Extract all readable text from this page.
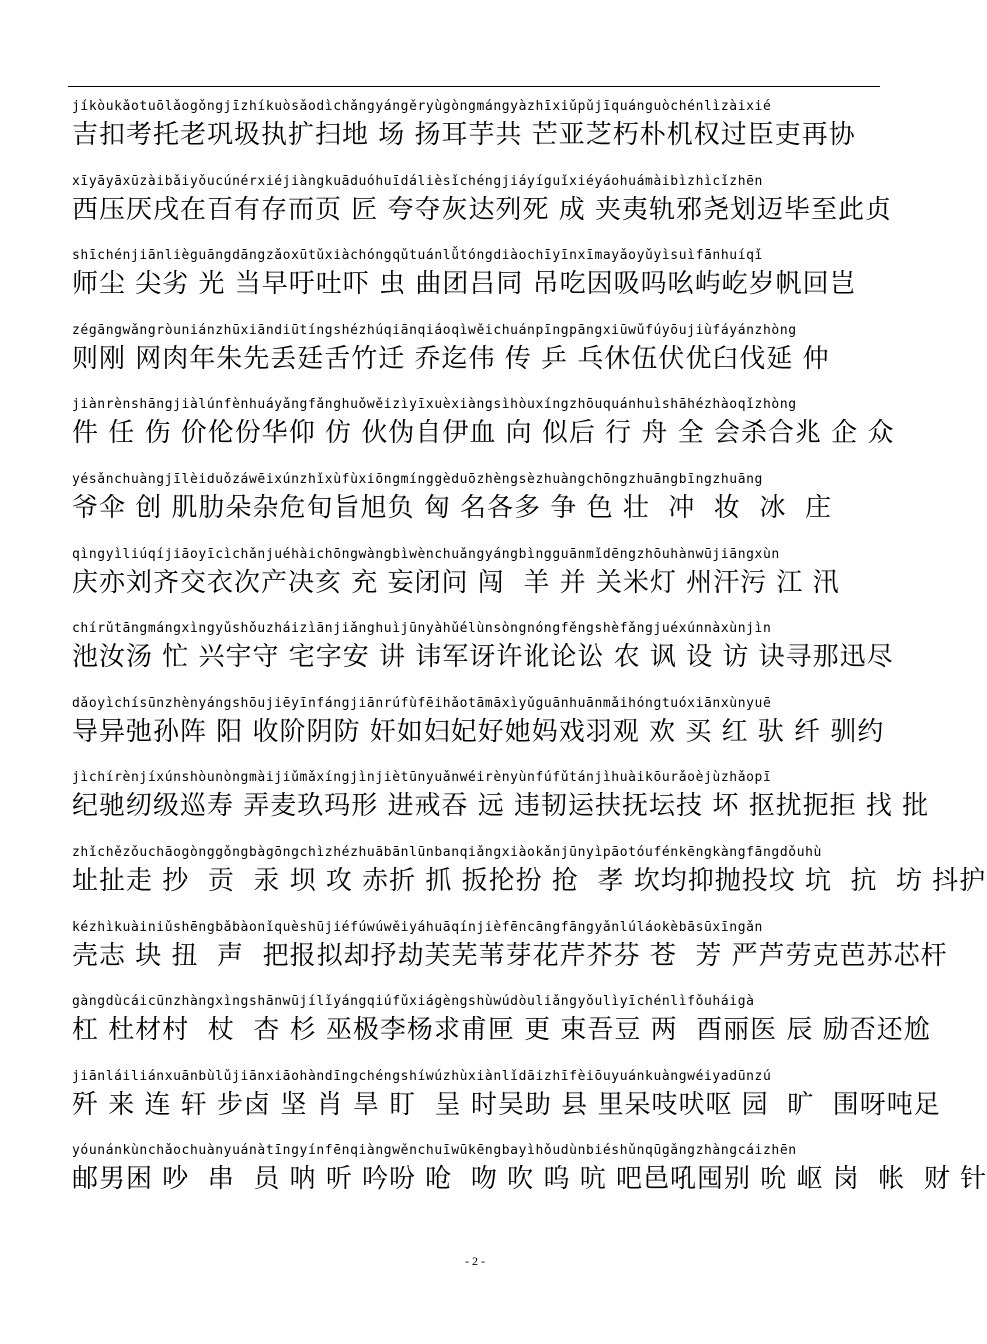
jíkòukǎotuōlǎogǒngjīzhíkuòsǎodìchǎngyángěryùgòngmángyàzhīxiǔpǔjīquánguòchénlìzàixié
吉扣考托老巩圾执扩扫地 场 扬耳芋共 芒亚芝朽朴机权过臣吏再协
xīyāyāxūzàibǎiyǒucúnérxiéjiàngkuāduóhuīdálièsǐchéngjiáyíguǐxiéyáohuámàibìzhìcǐzhēn
西压厌戌在百有存而页 匠 夸夺灰达列死 成 夹夷轨邪尧划迈毕至此贞
shīchénjiānlièguāngdāngzǎoxūtǔxiàchóngqǔtuánlǚtóngdiàochīyīnxīmayǎoyǔyìsuìfānhuíqǐ
师尘 尖劣 光 当早吁吐吓 虫 曲团吕同 吊吃因吸吗吆屿屹岁帆回岂
zégāngwǎngròuniánzhūxiāndiūtíngshézhúqiānqiáoqìwěichuánpīngpāngxiūwǔfúyōujiùfáyánzhòng
则刚 网肉年朱先丢廷舌竹迁 乔迄伟 传 乒 乓休伍伏优臼伐延 仲
jiànrènshāngjiàlúnfènhuáyǎngfǎnghuǒwěizìyīxuèxiàngsìhòuxíngzhōuquánhuìshāhézhàoqǐzhòng
件 任 伤 价伦份华仰 仿 伙伪自伊血 向 似后 行 舟 全 会杀合兆 企 众
yésǎnchuàngjīlèiduǒzáwēixúnzhǐxùfùxiōngmínggèduōzhèngsèzhuàngchōngzhuāngbīngzhuāng
爷伞 创 肌肋朵杂危旬旨旭负 匈 名各多 争 色 壮  冲  妆  冰  庄
qìngyìliúqíjiāoyīcìchǎnjuéhàichōngwàngbìwènchuǎngyángbìngguānmǐdēngzhōuhànwūjiāngxùn
庆亦刘齐交衣次产决亥 充 妄闭问 闯  羊 并 关米灯 州汗污 江 汛
chírǔtāngmángxìngyǔshǒuzháizìānjiǎnghuìjūnyàhǔélùnsòngnóngfěngshèfǎngjuéxúnnàxùnjìn
池汝汤 忙 兴宇守 宅字安 讲 讳军讶许讹论讼 农 讽 设 访 诀寻那迅尽
dǎoyìchísūnzhènyángshōujiēyīnfángjiānrúfùfēihǎotāmāxìyǔguānhuānmǎihóngtuóxiānxùnyuē
导异弛孙阵 阳 收阶阴防 奸如妇妃好她妈戏羽观 欢 买 红 驮 纤 驯约
jìchírènjíxúnshòunòngmàijiǔmǎxíngjìnjiètūnyuǎnwéirènyùnfúfǔtánjìhuàikōurǎoèjùzhǎopī
纪驰纫级巡寿 弄麦玖玛形 进戒吞 远 违韧运扶抚坛技 坏 抠扰扼拒 找 批
zhǐchězǒuchāogònggǒngbàgōngchìzhézhuābānlūnbanqiǎngxiàokǎnjūnyìpāotóufénkēngkàngfāngdǒuhù
址扯走 抄  贡  汞 坝 攻 赤折 抓 扳抡扮 抢  孝 坎均抑抛投坟 坑  抗  坊 抖护
kézhìkuàiniǔshēngbǎbàonǐquèshūjiéfúwúwěiyáhuāqínjièfēncāngfāngyǎnlúláokèbāsūxīngǎn
壳志 块 扭  声  把报拟却抒劫芙芜苇芽花芹芥芬 苍  芳 严芦劳克芭苏芯杆
gàngdùcáicūnzhàngxìngshānwūjílǐyángqiúfǔxiágèngshùwúdòuliǎngyǒulìyīchénlìfǒuháigà
杠 杜材村  杖  杏 杉 巫极李杨求甫匣 更 束吾豆 两  酉丽医 辰 励否还尬
jiānláiliánxuānbùlǔjiānxiāohàndīngchéngshíwúzhùxiànlǐdāizhīfèiōuyuánkuàngwéiyadūnzú
歼 来 连 轩 步卤 坚 肖 旱 盯  呈 时吴助 县 里呆吱吠呕 园  旷  围呀吨足
yóunánkùnchǎochuànyuánàtīngyínfēnqiàngwěnchuīwūkēngbayìhǒudùnbiéshǔnqūgǎngzhàngcáizhēn
邮男困 吵  串  员 呐 听 吟吩 呛  吻 吹 呜 吭 吧邑吼囤别 吮 岖 岗  帐  财 针
- 2 -
